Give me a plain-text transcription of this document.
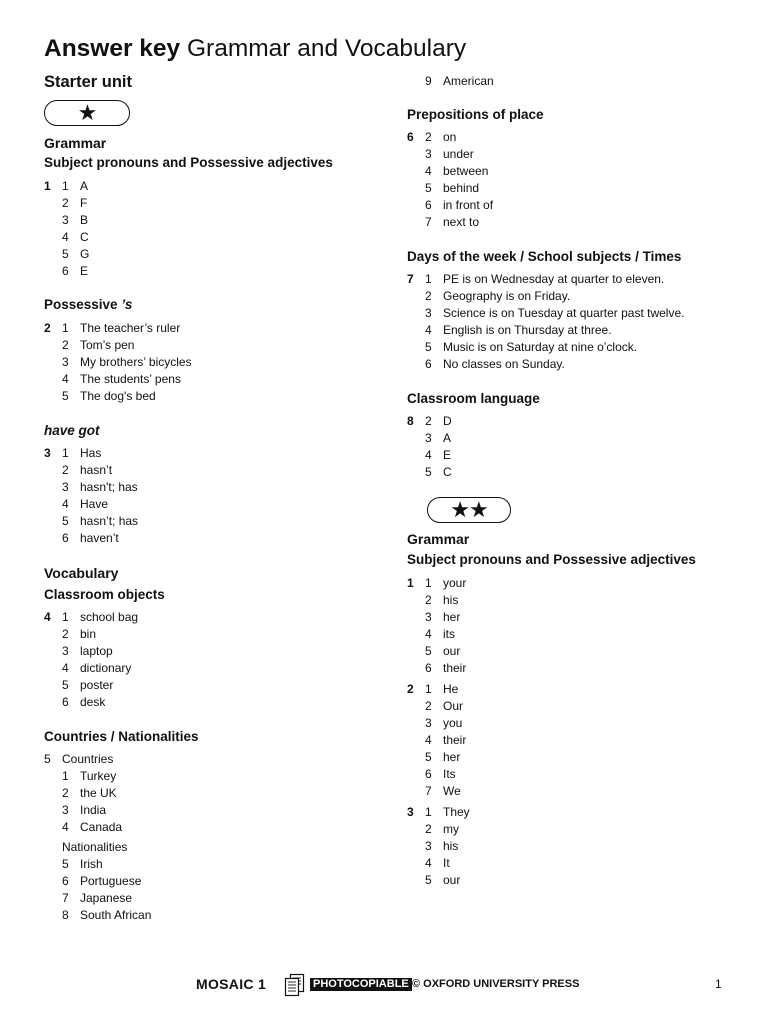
Answer key Grammar and Vocabulary
Starter unit
★
Grammar
Subject pronouns and Possessive adjectives
1 1 A
2 F
3 B
4 C
5 G
6 E
Possessive ’s
2 1 The teacher’s ruler
2 Tom’s pen
3 My brothers’ bicycles
4 The students’ pens
5 The dog's bed
have got
3 1 Has
2 hasn’t
3 hasn't; has
4 Have
5 hasn’t; has
6 haven’t
Vocabulary
Classroom objects
4 1 school bag
2 bin
3 laptop
4 dictionary
5 poster
6 desk
Countries / Nationalities
5 Countries
1 Turkey
2 the UK
3 India
4 Canada
Nationalities
5 Irish
6 Portuguese
7 Japanese
8 South African
9 American
Prepositions of place
6 2 on
3 under
4 between
5 behind
6 in front of
7 next to
Days of the week / School subjects / Times
7 1 PE is on Wednesday at quarter to eleven.
2 Geography is on Friday.
3 Science is on Tuesday at quarter past twelve.
4 English is on Thursday at three.
5 Music is on Saturday at nine o’clock.
6 No classes on Sunday.
Classroom language
8 2 D
3 A
4 E
5 C
★★
Grammar
Subject pronouns and Possessive adjectives
1 1 your
2 his
3 her
4 its
5 our
6 their
2 1 He
2 Our
3 you
4 their
5 her
6 Its
7 We
3 1 They
2 my
3 his
4 It
5 our
MOSAIC 1	PHOTOCOPIABLE © OXFORD UNIVERSITY PRESS	1
